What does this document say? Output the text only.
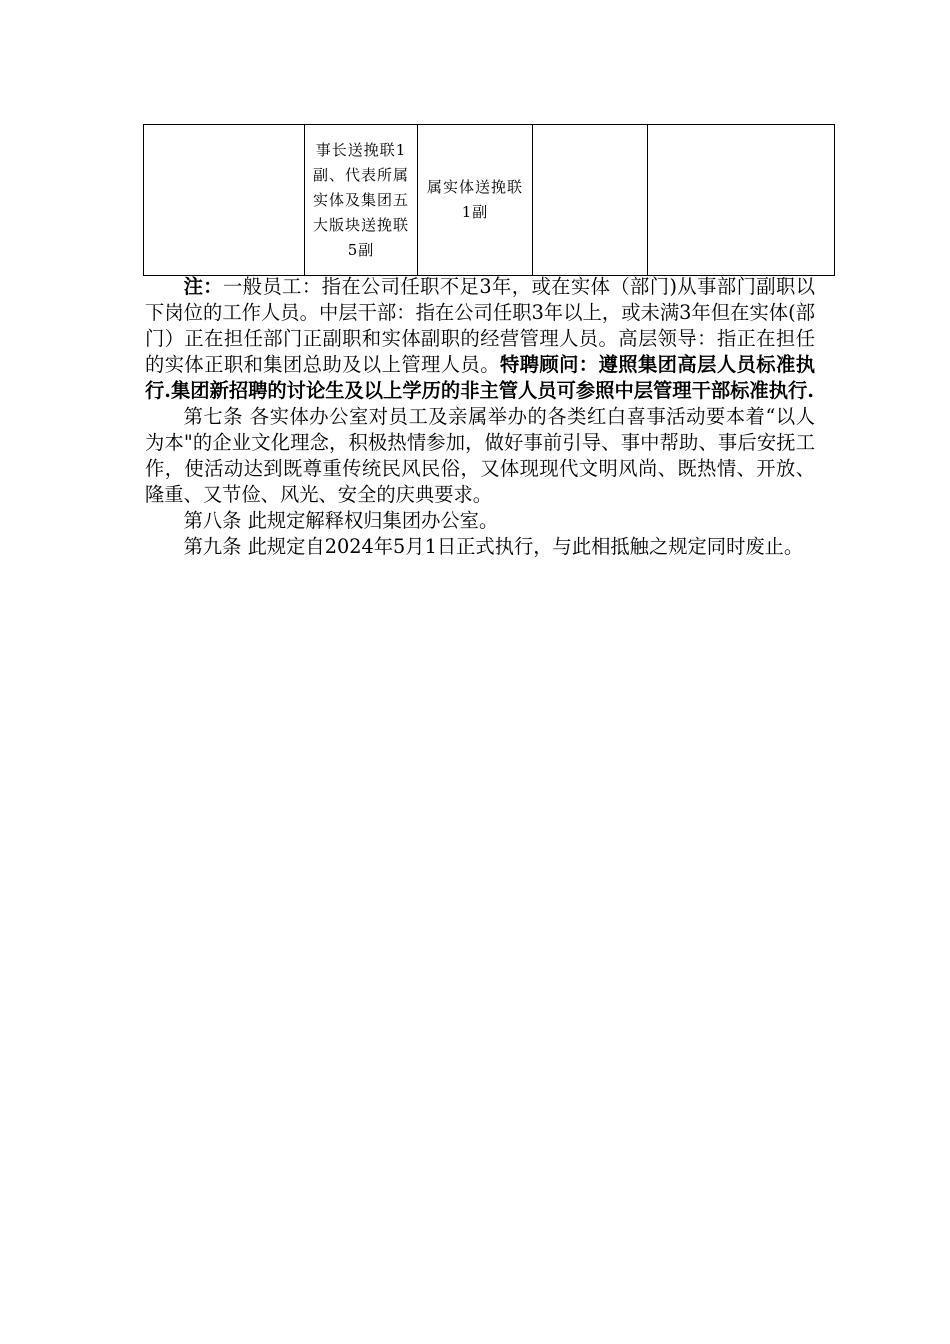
	事长送挽联1副、代表所属实体及集团五大版块送挽联5副	属实体送挽联1副		

注：一般员工：指在公司任职不足3年，或在实体（部门)从事部门副职以下岗位的工作人员。中层干部：指在公司任职3年以上，或未满3年但在实体(部门）正在担任部门正副职和实体副职的经营管理人员。高层领导：指正在担任的实体正职和集团总助及以上管理人员。特聘顾问：遵照集团高层人员标准执行.集团新招聘的讨论生及以上学历的非主管人员可参照中层管理干部标准执行.

第七条 各实体办公室对员工及亲属举办的各类红白喜事活动要本着“以人为本"的企业文化理念，积极热情参加，做好事前引导、事中帮助、事后安抚工作，使活动达到既尊重传统民风民俗，又体现现代文明风尚、既热情、开放、隆重、又节俭、风光、安全的庆典要求。

第八条 此规定解释权归集团办公室。

第九条 此规定自2024年5月1日正式执行，与此相抵触之规定同时废止。
